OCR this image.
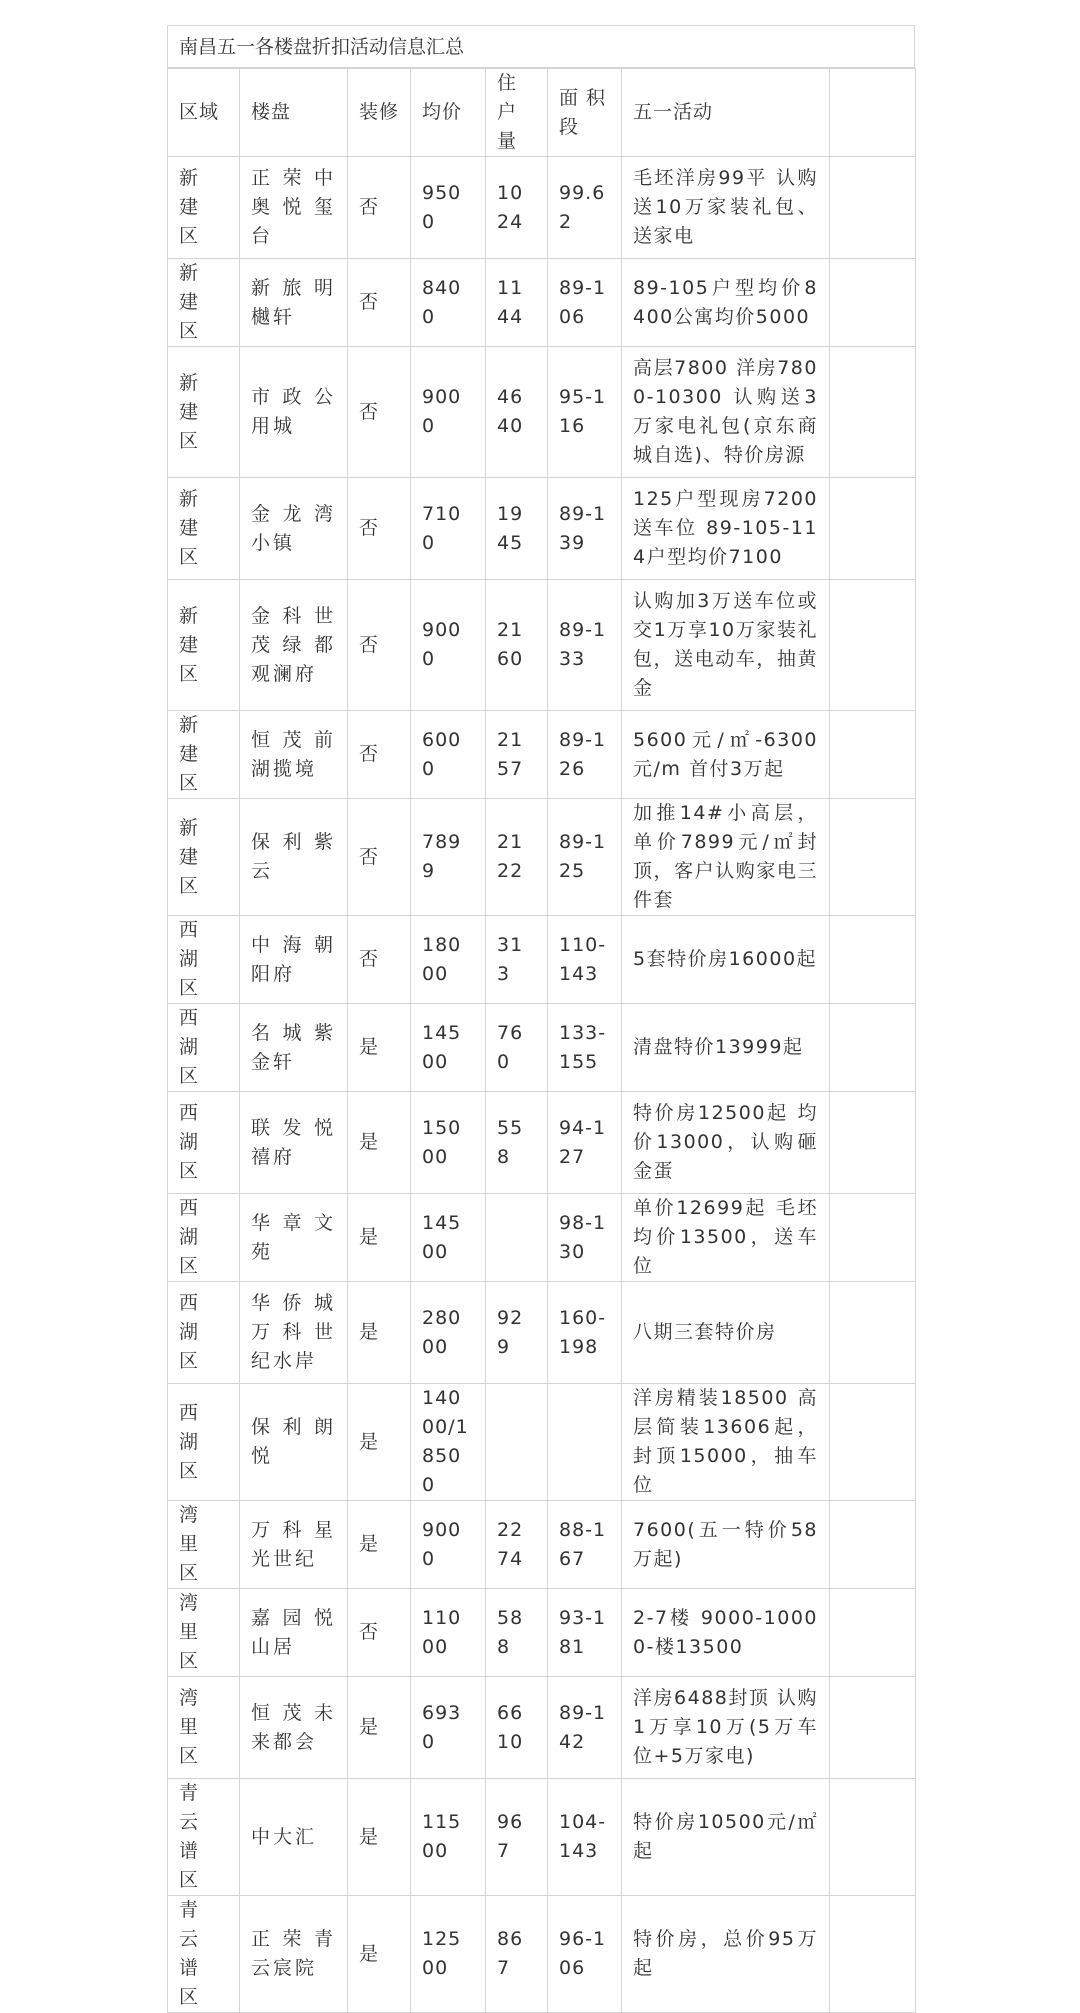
南昌五一各楼盘折扣活动信息汇总
区域	楼盘	装修	均价	住户量	面 积段	五一活动	
新建区	正荣中奥悦玺台	否	9500	1024	99.62	毛坯洋房99平 认购送10万家装礼包、送家电	
新建区	新旅明樾轩	否	8400	1144	89-106	89-105户型均价8400公寓均价5000	
新建区	市政公用城	否	9000	4640	95-116	高层7800 洋房7800-10300 认购送3万家电礼包(京东商城自选)、特价房源	
新建区	金龙湾小镇	否	7100	1945	89-139	125户型现房7200送车位 89-105-114户型均价7100	
新建区	金科世茂绿都观澜府	否	9000	2160	89-133	认购加3万送车位或交1万享10万家装礼包，送电动车，抽黄金	
新建区	恒茂前湖揽境	否	6000	2157	89-126	5600元/㎡-6300元/m 首付3万起	
新建区	保利紫云	否	7899	2122	89-125	加推14#小高层，单价7899元/㎡封顶，客户认购家电三件套	
西湖区	中海朝阳府	否	18000	313	110-143	5套特价房16000起	
西湖区	名城紫金轩	是	14500	760	133-155	清盘特价13999起	
西湖区	联发悦禧府	是	15000	558	94-127	特价房12500起 均价13000，认购砸金蛋	
西湖区	华章文苑	是	14500		98-130	单价12699起 毛坯均价13500，送车位	
西湖区	华侨城万科世纪水岸	是	28000	929	160-198	八期三套特价房	
西湖区	保利朗悦	是	14000/18500			洋房精装18500 高层简装13606起，封顶15000，抽车位	
湾里区	万科星光世纪	是	9000	2274	88-167	7600(五一特价58万起)	
湾里区	嘉园悦山居	否	11000	588	93-181	2-7楼 9000-10000-楼13500	
湾里区	恒茂未来都会	是	6930	6610	89-142	洋房6488封顶 认购1万享10万(5万车位+5万家电)	
青云谱区	中大汇	是	11500	967	104-143	特价房10500元/㎡起	
青云谱区	正荣青云宸院	是	12500	867	96-106	特价房，总价95万起	
